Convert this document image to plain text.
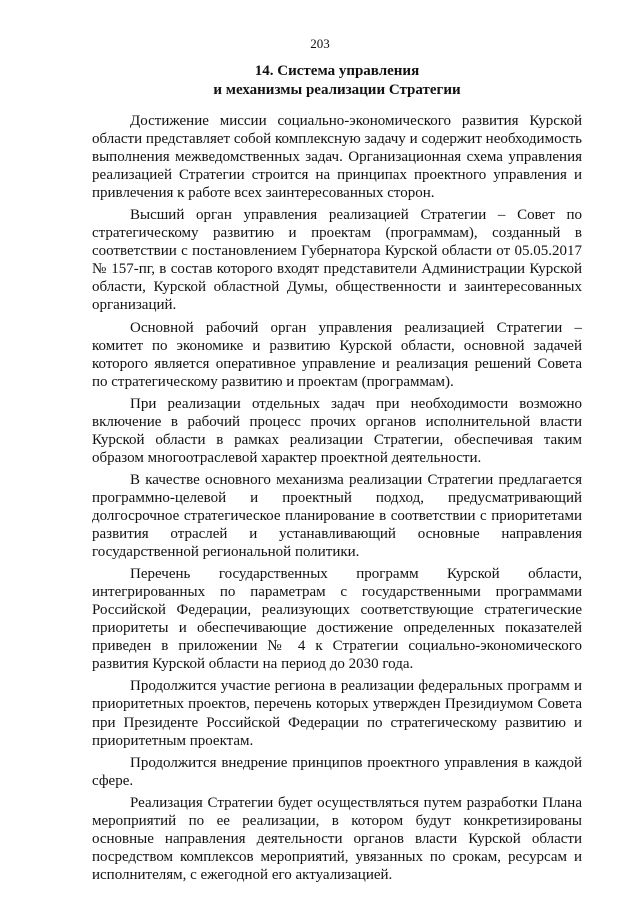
203
14. Система управления
и механизмы реализации Стратегии

Достижение миссии социально-экономического развития Курской области представляет собой комплексную задачу и содержит необходимость выполнения межведомственных задач. Организационная схема управления реализацией Стратегии строится на принципах проектного управления и привлечения к работе всех заинтересованных сторон.

Высший орган управления реализацией Стратегии – Совет по стратегическому развитию и проектам (программам), созданный в соответствии с постановлением Губернатора Курской области от 05.05.2017 № 157-пг, в состав которого входят представители Администрации Курской области, Курской областной Думы, общественности и заинтересованных организаций.

Основной рабочий орган управления реализацией Стратегии – комитет по экономике и развитию Курской области, основной задачей которого является оперативное управление и реализация решений Совета по стратегическому развитию и проектам (программам).

При реализации отдельных задач при необходимости возможно включение в рабочий процесс прочих органов исполнительной власти Курской области в рамках реализации Стратегии, обеспечивая таким образом многоотраслевой характер проектной деятельности.

В качестве основного механизма реализации Стратегии предлагается программно-целевой и проектный подход, предусматривающий долгосрочное стратегическое планирование в соответствии с приоритетами развития отраслей и устанавливающий основные направления государственной региональной политики.

Перечень государственных программ Курской области, интегрированных по параметрам с государственными программами Российской Федерации, реализующих соответствующие стратегические приоритеты и обеспечивающие достижение определенных показателей приведен в приложении № 4 к Стратегии социально-экономического развития Курской области на период до 2030 года.

Продолжится участие региона в реализации федеральных программ и приоритетных проектов, перечень которых утвержден Президиумом Совета при Президенте Российской Федерации по стратегическому развитию и приоритетным проектам.

Продолжится внедрение принципов проектного управления в каждой сфере.

Реализация Стратегии будет осуществляться путем разработки Плана мероприятий по ее реализации, в котором будут конкретизированы основные направления деятельности органов власти Курской области посредством комплексов мероприятий, увязанных по срокам, ресурсам и исполнителям, с ежегодной его актуализацией.
